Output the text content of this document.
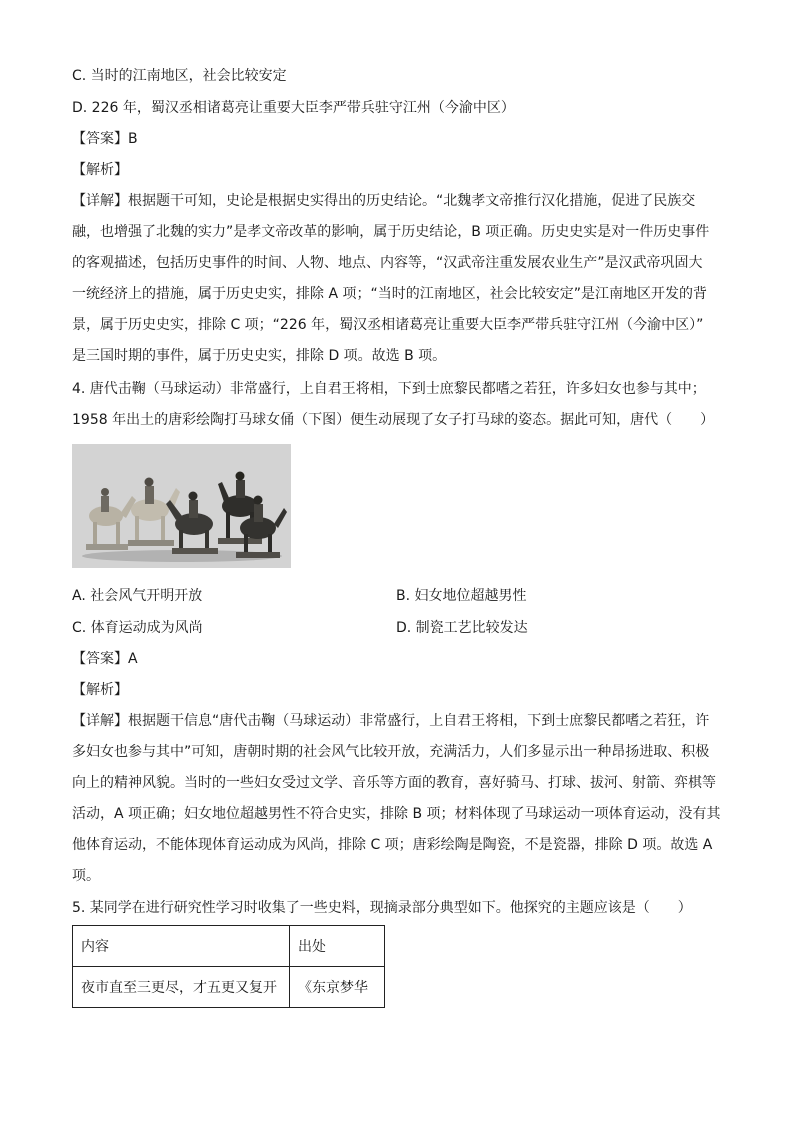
C. 当时的江南地区，社会比较安定
D. 226 年，蜀汉丞相诸葛亮让重要大臣李严带兵驻守江州（今渝中区）
【答案】B
【解析】
【详解】根据题干可知，史论是根据史实得出的历史结论。“北魏孝文帝推行汉化措施，促进了民族交
融，也增强了北魏的实力”是孝文帝改革的影响，属于历史结论，B 项正确。历史史实是对一件历史事件
的客观描述，包括历史事件的时间、人物、地点、内容等，“汉武帝注重发展农业生产”是汉武帝巩固大
一统经济上的措施，属于历史史实，排除 A 项；“当时的江南地区，社会比较安定”是江南地区开发的背
景，属于历史史实，排除 C 项；“226 年，蜀汉丞相诸葛亮让重要大臣李严带兵驻守江州（今渝中区）”
是三国时期的事件，属于历史史实，排除 D 项。故选 B 项。
4. 唐代击鞠（马球运动）非常盛行，上自君王将相，下到士庶黎民都嗜之若狂，许多妇女也参与其中；
1958 年出土的唐彩绘陶打马球女俑（下图）便生动展现了女子打马球的姿态。据此可知，唐代（　　）
A. 社会风气开明开放	B. 妇女地位超越男性
C. 体育运动成为风尚	D. 制瓷工艺比较发达
【答案】A
【解析】
【详解】根据题干信息“唐代击鞠（马球运动）非常盛行，上自君王将相，下到士庶黎民都嗜之若狂，许
多妇女也参与其中”可知，唐朝时期的社会风气比较开放，充满活力，人们多显示出一种昂扬进取、积极
向上的精神风貌。当时的一些妇女受过文学、音乐等方面的教育，喜好骑马、打球、拔河、射箭、弈棋等
活动，A 项正确；妇女地位超越男性不符合史实，排除 B 项；材料体现了马球运动一项体育运动，没有其
他体育运动，不能体现体育运动成为风尚，排除 C 项；唐彩绘陶是陶瓷，不是瓷器，排除 D 项。故选 A
项。
5. 某同学在进行研究性学习时收集了一些史料，现摘录部分典型如下。他探究的主题应该是（　　）
内容	出处
夜市直至三更尽，才五更又复开	《东京梦华
